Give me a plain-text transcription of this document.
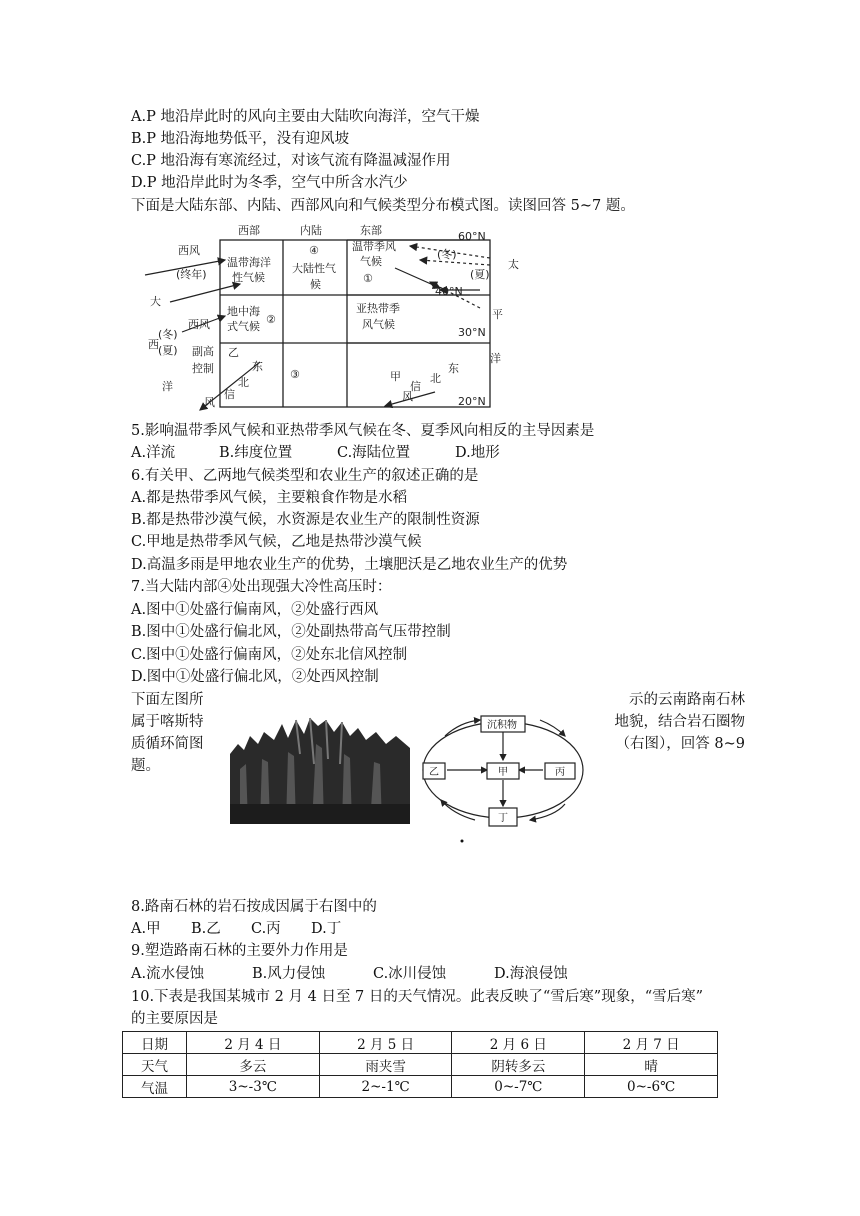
A.P 地沿岸此时的风向主要由大陆吹向海洋，空气干燥
B.P 地沿海地势低平，没有迎风坡
C.P 地沿海有寒流经过，对该气流有降温减湿作用
D.P 地沿岸此时为冬季，空气中所含水汽少
下面是大陆东部、内陆、西部风向和气候类型分布模式图。读图回答 5~7 题。
西部	内陆	东部	60°N
40°N
30°N
20°N
温带海洋
性气候
④
大陆性气
候
温带季风
气候
①
地中海
式气候
②
亚热带季
风气候
③
西风
(终年)
大
西
洋
(冬)
(夏)
西风
副高
控制
乙
东
北
信
风
(冬)
(夏)
太
平
洋
甲
东
北
信
风
5.影响温带季风气候和亚热带季风气候在冬、夏季风向相反的主导因素是
A.洋流	B.纬度位置	C.海陆位置	D.地形
6.有关甲、乙两地气候类型和农业生产的叙述正确的是
A.都是热带季风气候，主要粮食作物是水稻
B.都是热带沙漠气候，水资源是农业生产的限制性资源
C.甲地是热带季风气候，乙地是热带沙漠气候
D.高温多雨是甲地农业生产的优势，土壤肥沃是乙地农业生产的优势
7.当大陆内部④处出现强大冷性高压时：
A.图中①处盛行偏南风，②处盛行西风
B.图中①处盛行偏北风，②处副热带高气压带控制
C.图中①处盛行偏南风，②处东北信风控制
D.图中①处盛行偏北风，②处西风控制
下面左图所
属于喀斯特
质循环简图
题。
示的云南路南石林
地貌，结合岩石圈物
（右图），回答 8~9
沉积物
乙	甲	丙
丁
8.路南石林的岩石按成因属于右图中的
A.甲 B.乙 C.丙 D.丁
9.塑造路南石林的主要外力作用是
A.流水侵蚀	B.风力侵蚀	C.冰川侵蚀	D.海浪侵蚀
10.下表是我国某城市 2 月 4 日至 7 日的天气情况。此表反映了“雪后寒”现象，“雪后寒”
的主要原因是
日期	2 月 4 日	2 月 5 日	2 月 6 日	2 月 7 日
天气	多云	雨夹雪	阴转多云	晴
气温	3~-3℃	2~-1℃	0~-7℃	0~-6℃
